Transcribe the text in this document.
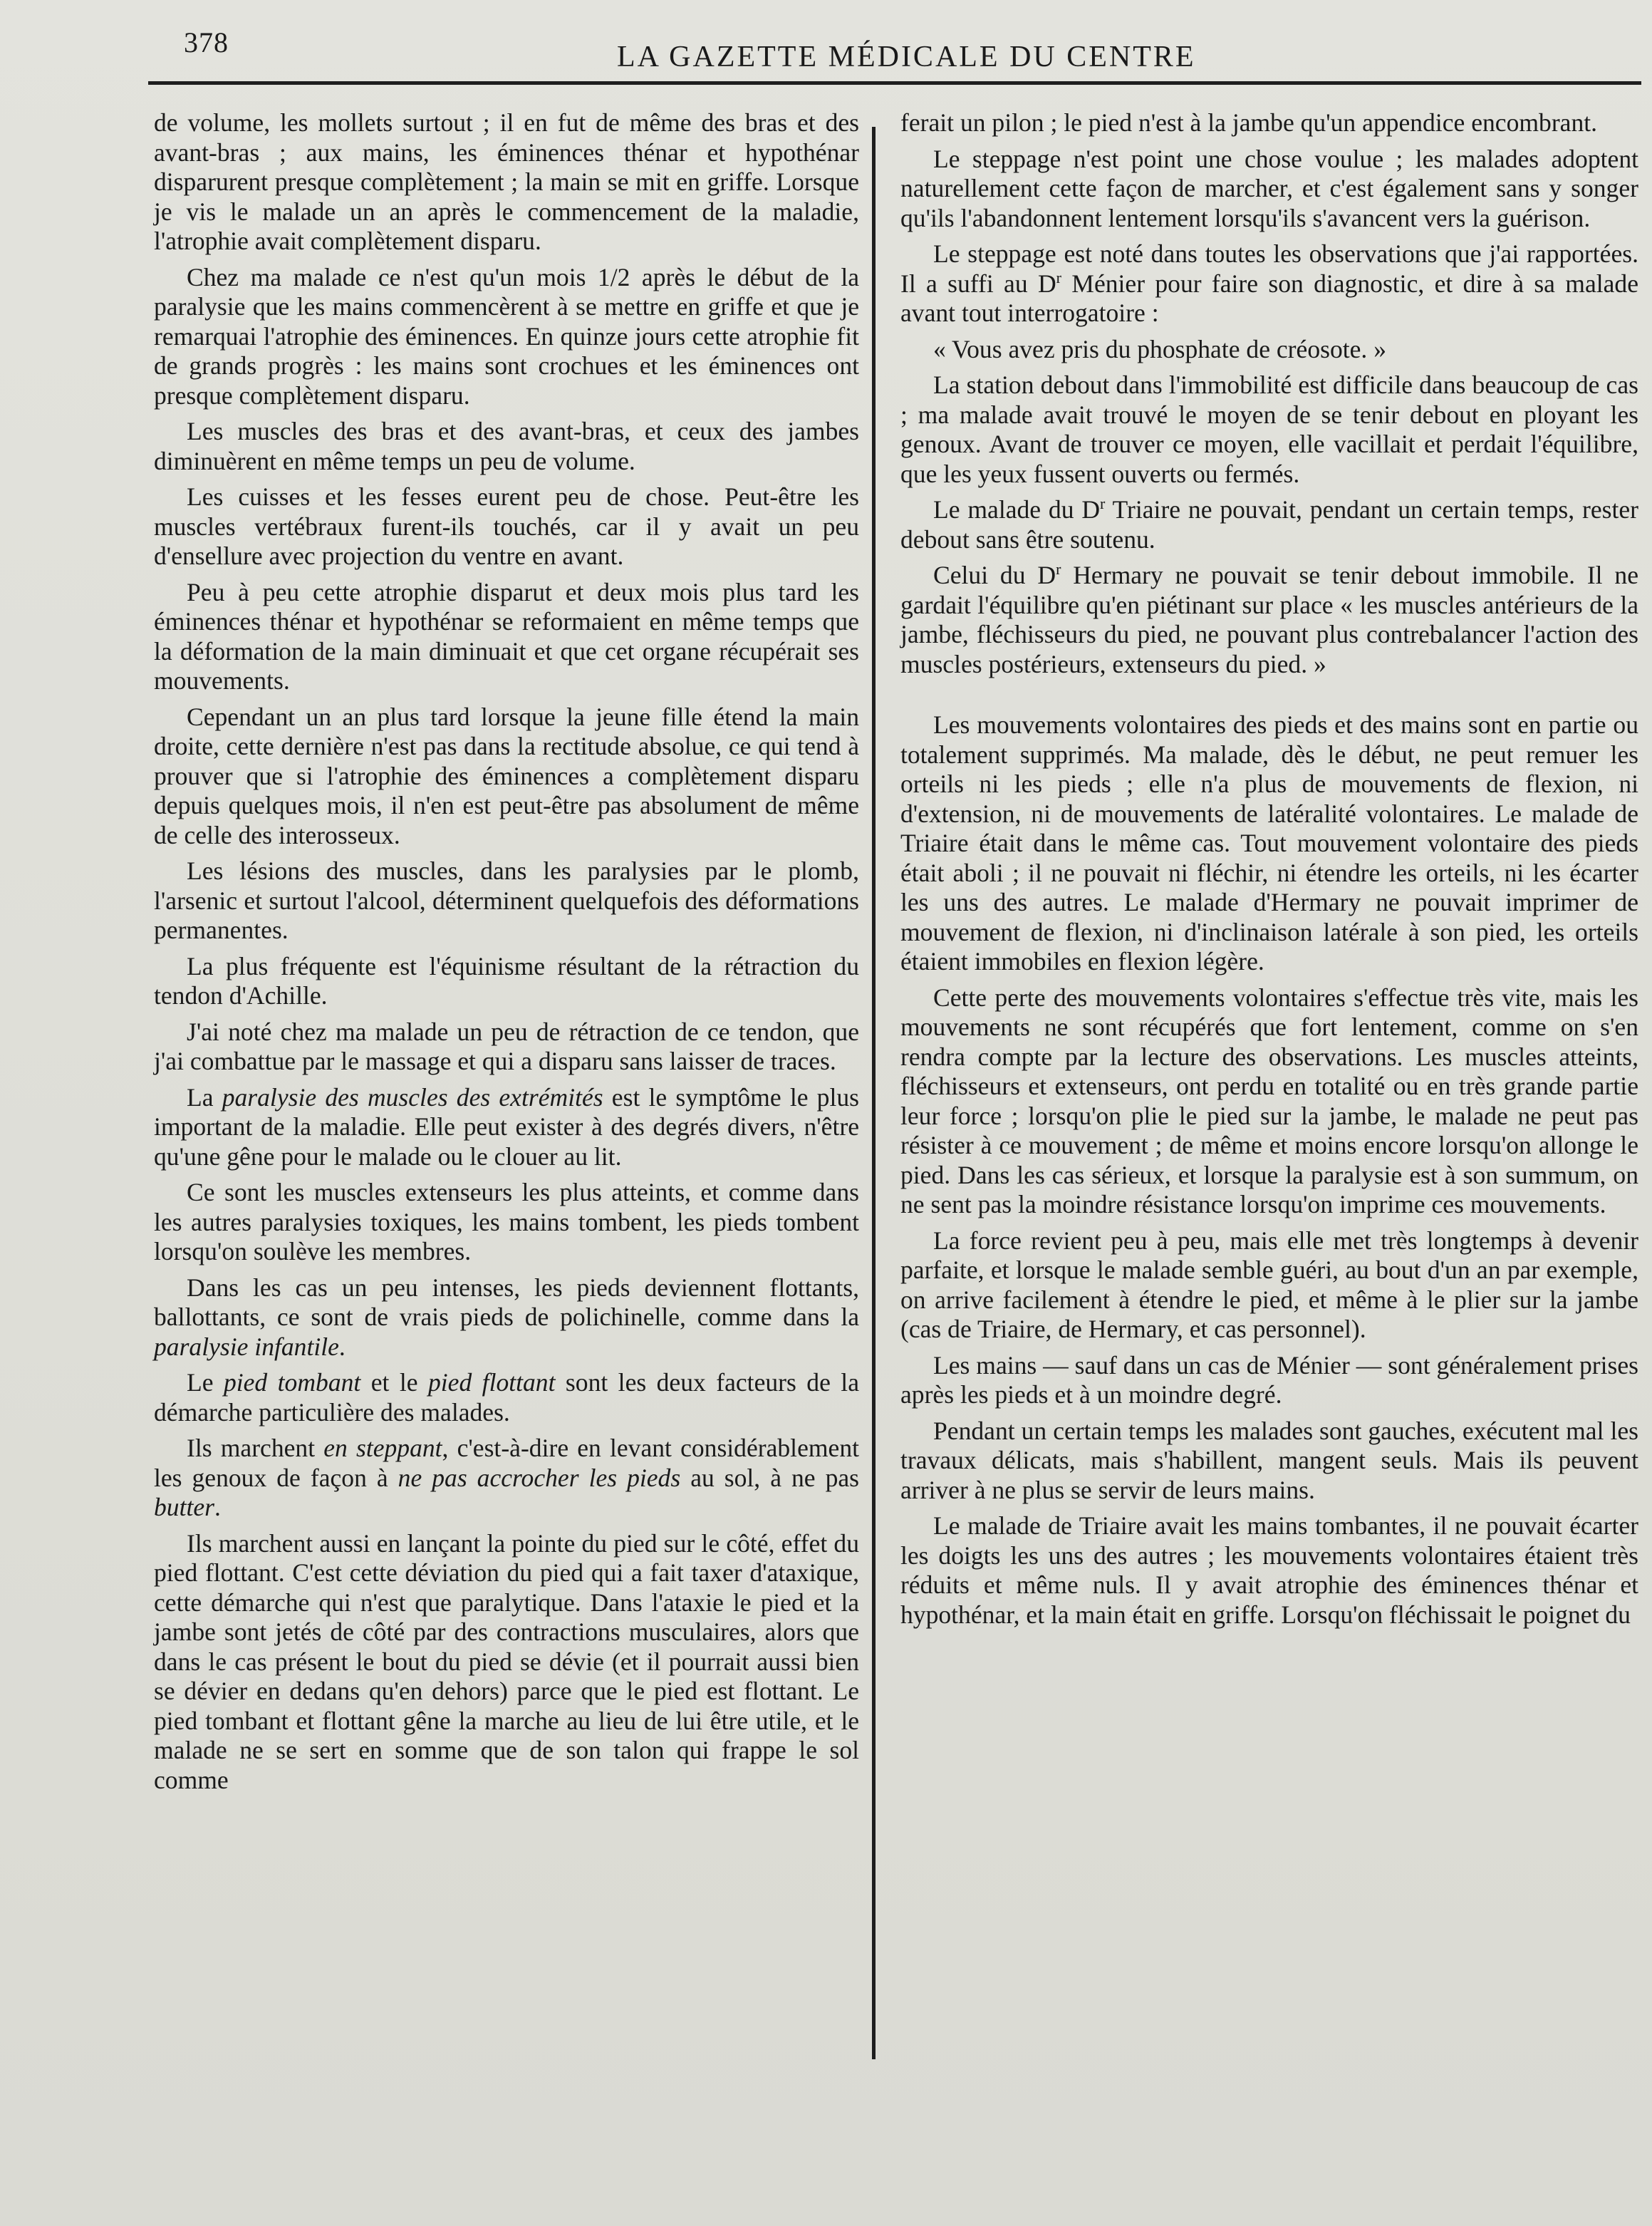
378	LA GAZETTE MÉDICALE DU CENTRE

de volume, les mollets surtout ; il en fut de même des bras et des avant-bras ; aux mains, les éminences thénar et hypothénar disparurent presque complètement ; la main se mit en griffe. Lorsque je vis le malade un an après le commencement de la maladie, l'atrophie avait complètement disparu.

Chez ma malade ce n'est qu'un mois 1/2 après le début de la paralysie que les mains commencèrent à se mettre en griffe et que je remarquai l'atrophie des éminences. En quinze jours cette atrophie fit de grands progrès : les mains sont crochues et les éminences ont presque complètement disparu.

Les muscles des bras et des avant-bras, et ceux des jambes diminuèrent en même temps un peu de volume.

Les cuisses et les fesses eurent peu de chose. Peut-être les muscles vertébraux furent-ils touchés, car il y avait un peu d'ensellure avec projection du ventre en avant.

Peu à peu cette atrophie disparut et deux mois plus tard les éminences thénar et hypothénar se reformaient en même temps que la déformation de la main diminuait et que cet organe récupérait ses mouvements.

Cependant un an plus tard lorsque la jeune fille étend la main droite, cette dernière n'est pas dans la rectitude absolue, ce qui tend à prouver que si l'atrophie des éminences a complètement disparu depuis quelques mois, il n'en est peut-être pas absolument de même de celle des interosseux.

Les lésions des muscles, dans les paralysies par le plomb, l'arsenic et surtout l'alcool, déterminent quelquefois des déformations permanentes.

La plus fréquente est l'équinisme résultant de la rétraction du tendon d'Achille.

J'ai noté chez ma malade un peu de rétraction de ce tendon, que j'ai combattue par le massage et qui a disparu sans laisser de traces.

La paralysie des muscles des extrémités est le symptôme le plus important de la maladie. Elle peut exister à des degrés divers, n'être qu'une gêne pour le malade ou le clouer au lit.

Ce sont les muscles extenseurs les plus atteints, et comme dans les autres paralysies toxiques, les mains tombent, les pieds tombent lorsqu'on soulève les membres.

Dans les cas un peu intenses, les pieds deviennent flottants, ballottants, ce sont de vrais pieds de polichinelle, comme dans la paralysie infantile.

Le pied tombant et le pied flottant sont les deux facteurs de la démarche particulière des malades.

Ils marchent en steppant, c'est-à-dire en levant considérablement les genoux de façon à ne pas accrocher les pieds au sol, à ne pas butter.

Ils marchent aussi en lançant la pointe du pied sur le côté, effet du pied flottant. C'est cette déviation du pied qui a fait taxer d'ataxique, cette démarche qui n'est que paralytique. Dans l'ataxie le pied et la jambe sont jetés de côté par des contractions musculaires, alors que dans le cas présent le bout du pied se dévie (et il pourrait aussi bien se dévier en dedans qu'en dehors) parce que le pied est flottant. Le pied tombant et flottant gêne la marche au lieu de lui être utile, et le malade ne se sert en somme que de son talon qui frappe le sol comme

ferait un pilon ; le pied n'est à la jambe qu'un appendice encombrant.

Le steppage n'est point une chose voulue ; les malades adoptent naturellement cette façon de marcher, et c'est également sans y songer qu'ils l'abandonnent lentement lorsqu'ils s'avancent vers la guérison.

Le steppage est noté dans toutes les observations que j'ai rapportées. Il a suffi au $D^r$ Ménier pour faire son diagnostic, et dire à sa malade avant tout interrogatoire :

« Vous avez pris du phosphate de créosote. »

La station debout dans l'immobilité est difficile dans beaucoup de cas ; ma malade avait trouvé le moyen de se tenir debout en ployant les genoux. Avant de trouver ce moyen, elle vacillait et perdait l'équilibre, que les yeux fussent ouverts ou fermés.

Le malade du $D^r$ Triaire ne pouvait, pendant un certain temps, rester debout sans être soutenu.

Celui du $D^r$ Hermary ne pouvait se tenir debout immobile. Il ne gardait l'équilibre qu'en piétinant sur place « les muscles antérieurs de la jambe, fléchisseurs du pied, ne pouvant plus contrebalancer l'action des muscles postérieurs, extenseurs du pied. »

Les mouvements volontaires des pieds et des mains sont en partie ou totalement supprimés. Ma malade, dès le début, ne peut remuer les orteils ni les pieds ; elle n'a plus de mouvements de flexion, ni d'extension, ni de mouvements de latéralité volontaires. Le malade de Triaire était dans le même cas. Tout mouvement volontaire des pieds était aboli ; il ne pouvait ni fléchir, ni étendre les orteils, ni les écarter les uns des autres. Le malade d'Hermary ne pouvait imprimer de mouvement de flexion, ni d'inclinaison latérale à son pied, les orteils étaient immobiles en flexion légère.

Cette perte des mouvements volontaires s'effectue très vite, mais les mouvements ne sont récupérés que fort lentement, comme on s'en rendra compte par la lecture des observations. Les muscles atteints, fléchisseurs et extenseurs, ont perdu en totalité ou en très grande partie leur force ; lorsqu'on plie le pied sur la jambe, le malade ne peut pas résister à ce mouvement ; de même et moins encore lorsqu'on allonge le pied. Dans les cas sérieux, et lorsque la paralysie est à son summum, on ne sent pas la moindre résistance lorsqu'on imprime ces mouvements.

La force revient peu à peu, mais elle met très longtemps à devenir parfaite, et lorsque le malade semble guéri, au bout d'un an par exemple, on arrive facilement à étendre le pied, et même à le plier sur la jambe (cas de Triaire, de Hermary, et cas personnel).

Les mains — sauf dans un cas de Ménier — sont généralement prises après les pieds et à un moindre degré.

Pendant un certain temps les malades sont gauches, exécutent mal les travaux délicats, mais s'habillent, mangent seuls. Mais ils peuvent arriver à ne plus se servir de leurs mains.

Le malade de Triaire avait les mains tombantes, il ne pouvait écarter les doigts les uns des autres ; les mouvements volontaires étaient très réduits et même nuls. Il y avait atrophie des éminences thénar et hypothénar, et la main était en griffe. Lorsqu'on fléchissait le poignet du
